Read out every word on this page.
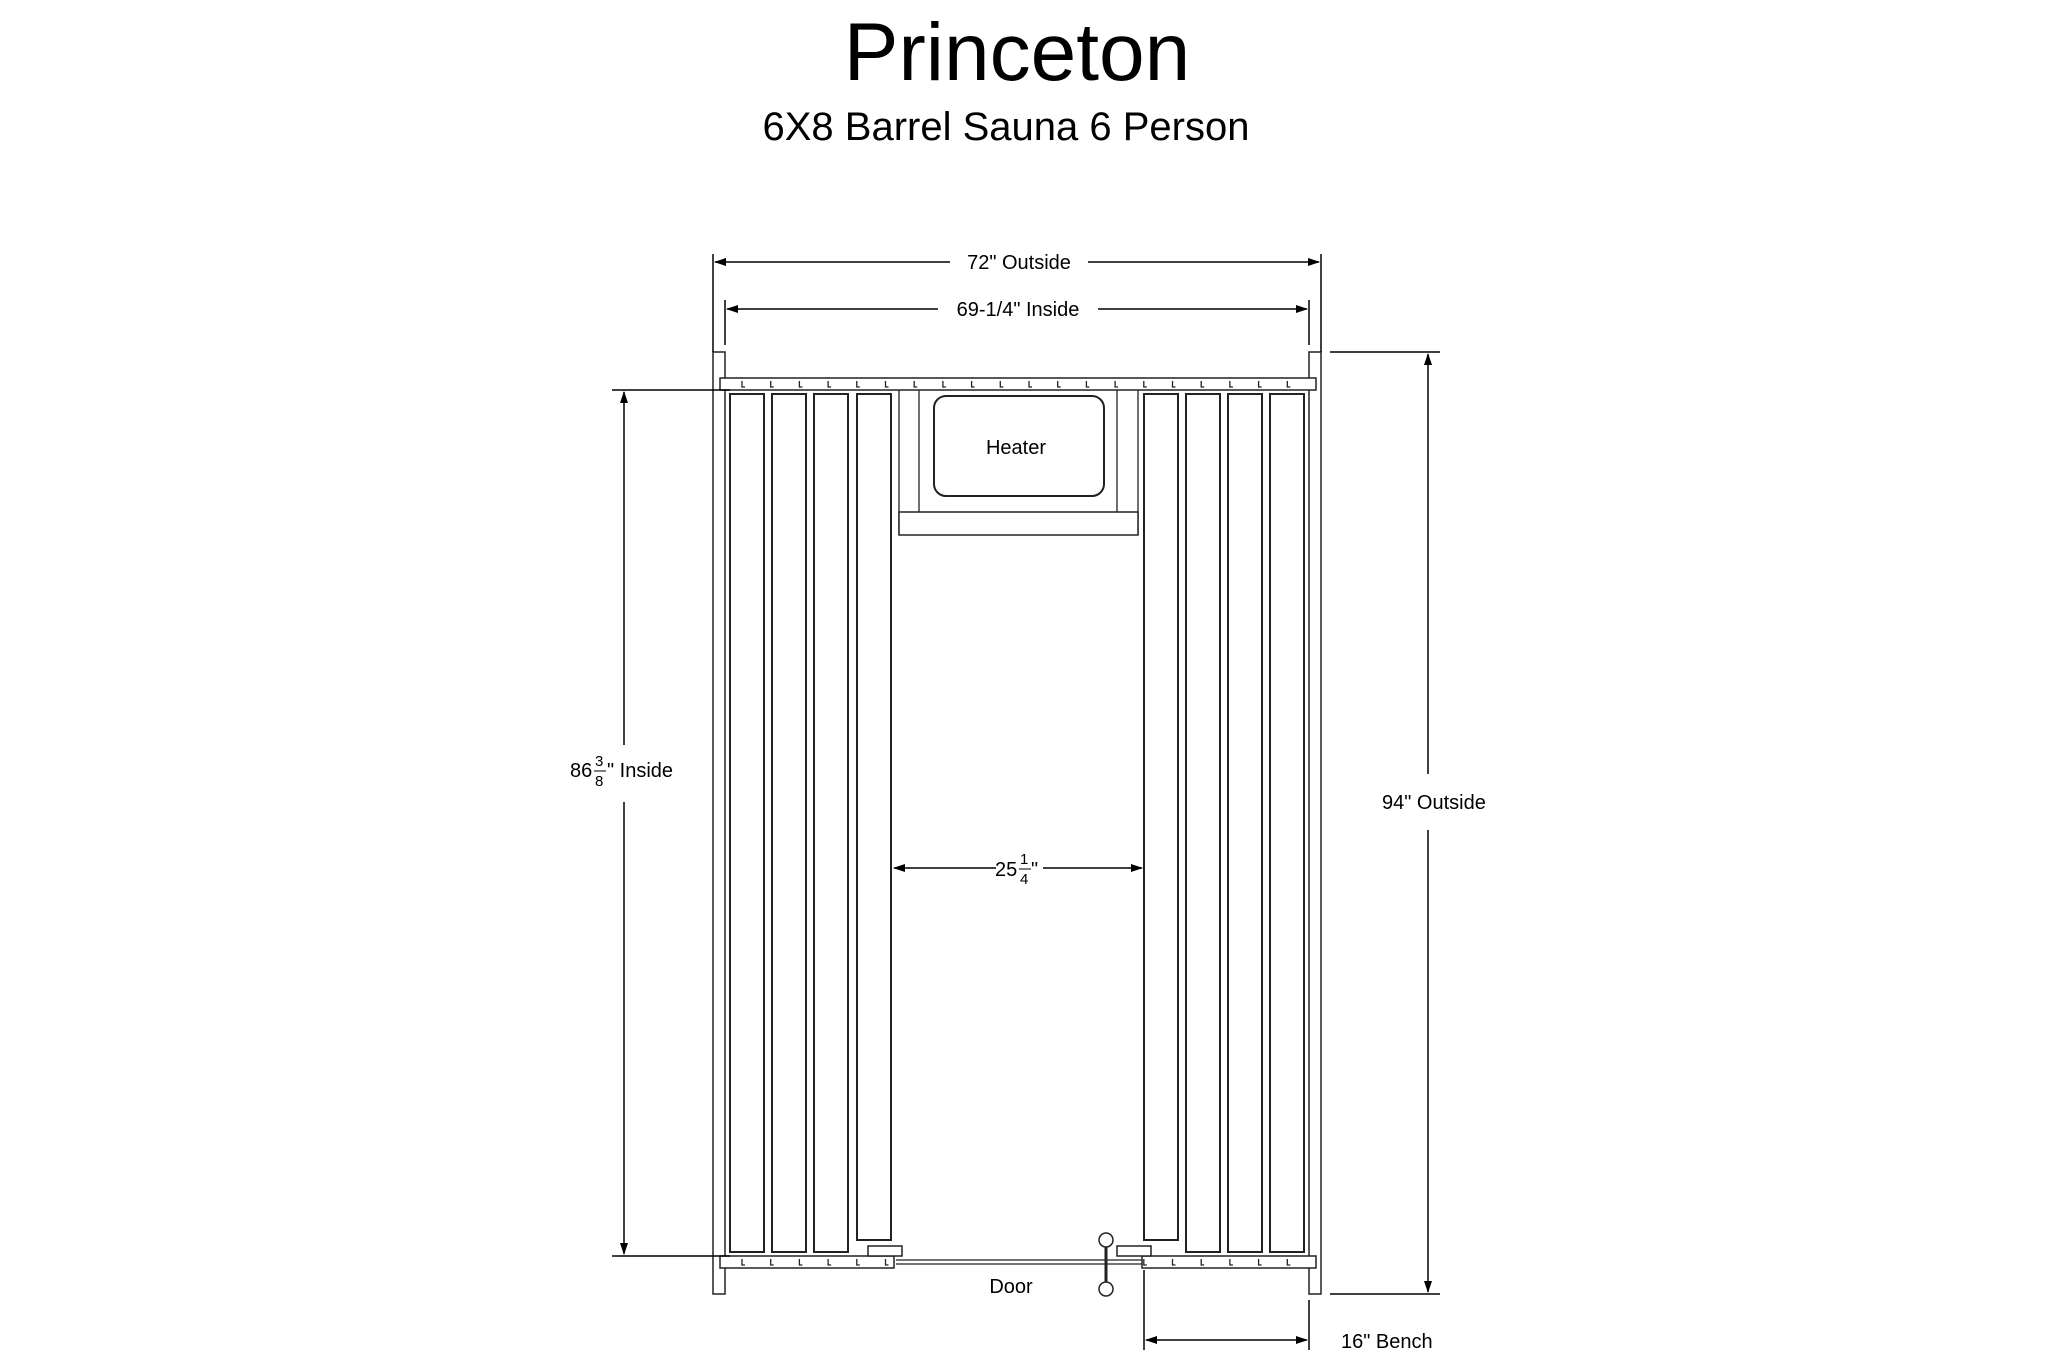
Princeton
6X8 Barrel Sauna 6 Person
Heater
Door
72" Outside
69-1/4" Inside
86 3
8 " Inside
94" Outside
25 1
4 "
16" Bench
